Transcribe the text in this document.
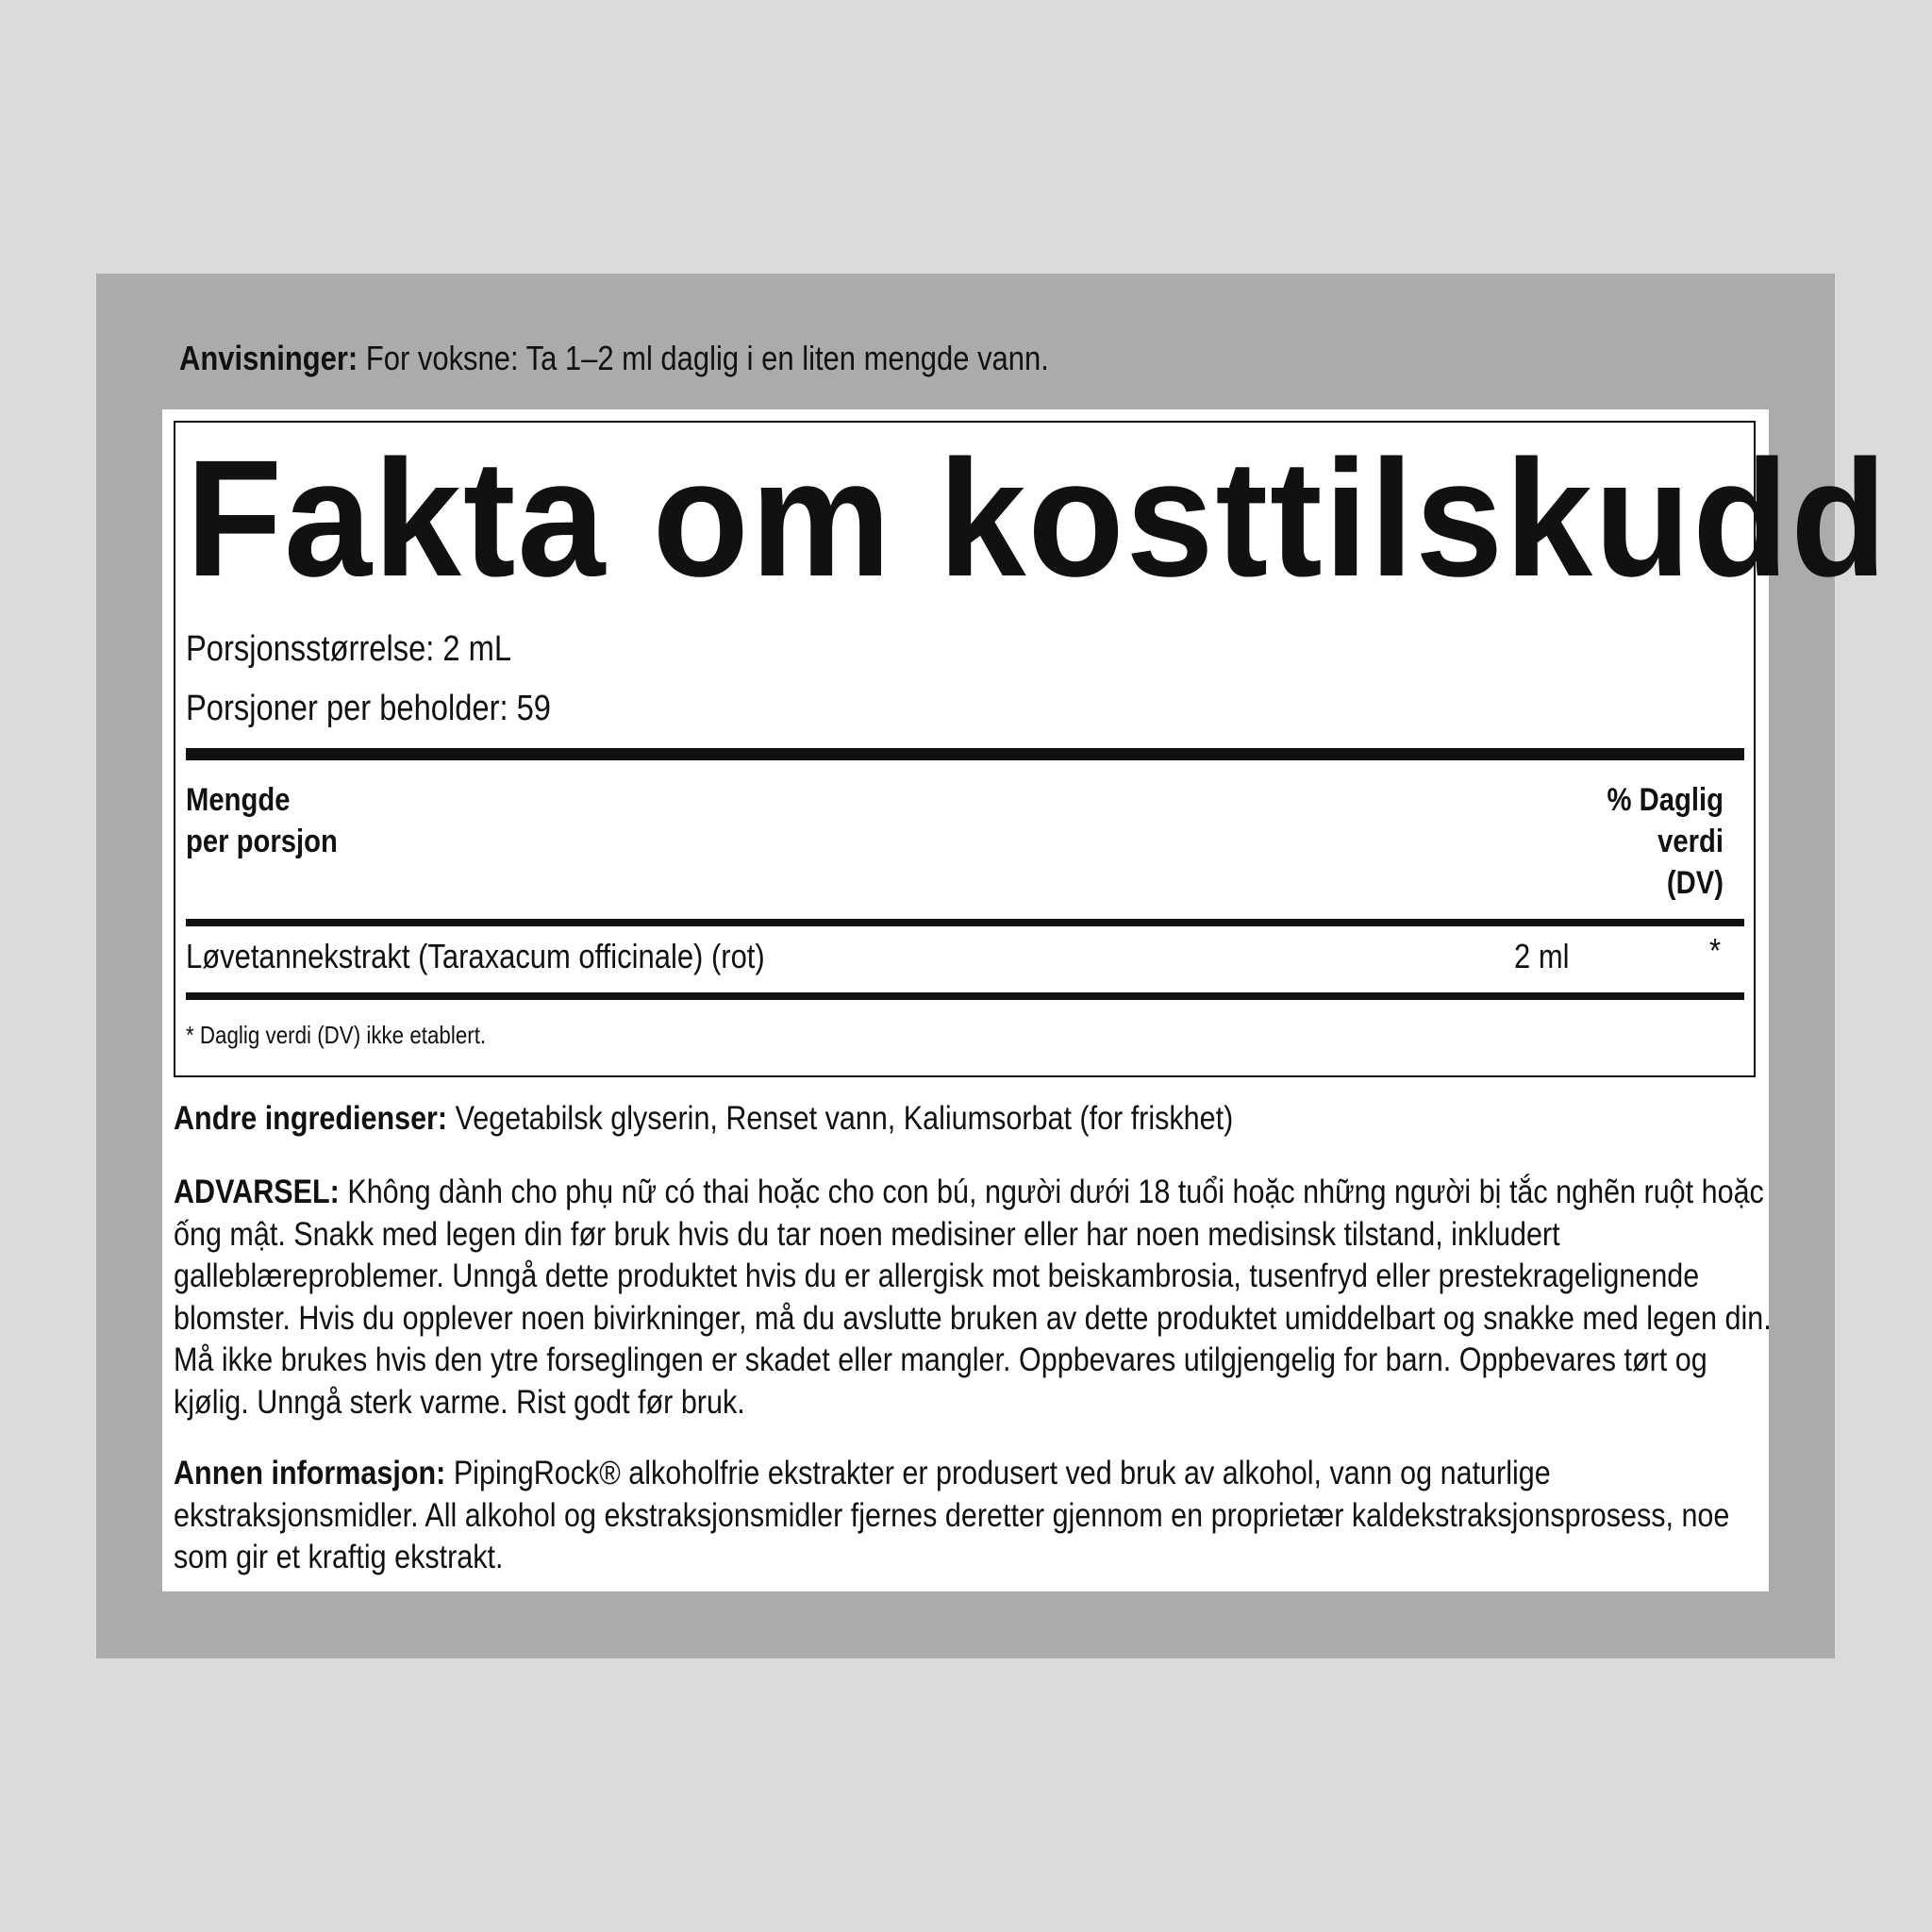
Anvisninger: For voksne: Ta 1–2 ml daglig i en liten mengde vann.
Fakta om kosttilskudd
Porsjonsstørrelse: 2 mL
Porsjoner per beholder: 59
Mengde
per porsjon
% Daglig
verdi
(DV)
Løvetannekstrakt (Taraxacum officinale) (rot)	2 ml	*
* Daglig verdi (DV) ikke etablert.
Andre ingredienser: Vegetabilsk glyserin, Renset vann, Kaliumsorbat (for friskhet)
ADVARSEL: Không dành cho phụ nữ có thai hoặc cho con bú, người dưới 18 tuổi hoặc những người bị tắc nghẽn ruột hoặc ống mật. Snakk med legen din før bruk hvis du tar noen medisiner eller har noen medisinsk tilstand, inkludert galleblæreproblemer. Unngå dette produktet hvis du er allergisk mot beiskambrosia, tusenfryd eller prestekragelignende blomster. Hvis du opplever noen bivirkninger, må du avslutte bruken av dette produktet umiddelbart og snakke med legen din. Må ikke brukes hvis den ytre forseglingen er skadet eller mangler. Oppbevares utilgjengelig for barn. Oppbevares tørt og kjølig. Unngå sterk varme. Rist godt før bruk.
Annen informasjon: PipingRock® alkoholfrie ekstrakter er produsert ved bruk av alkohol, vann og naturlige ekstraksjonsmidler. All alkohol og ekstraksjonsmidler fjernes deretter gjennom en proprietær kaldekstraksjonsprosess, noe som gir et kraftig ekstrakt.
